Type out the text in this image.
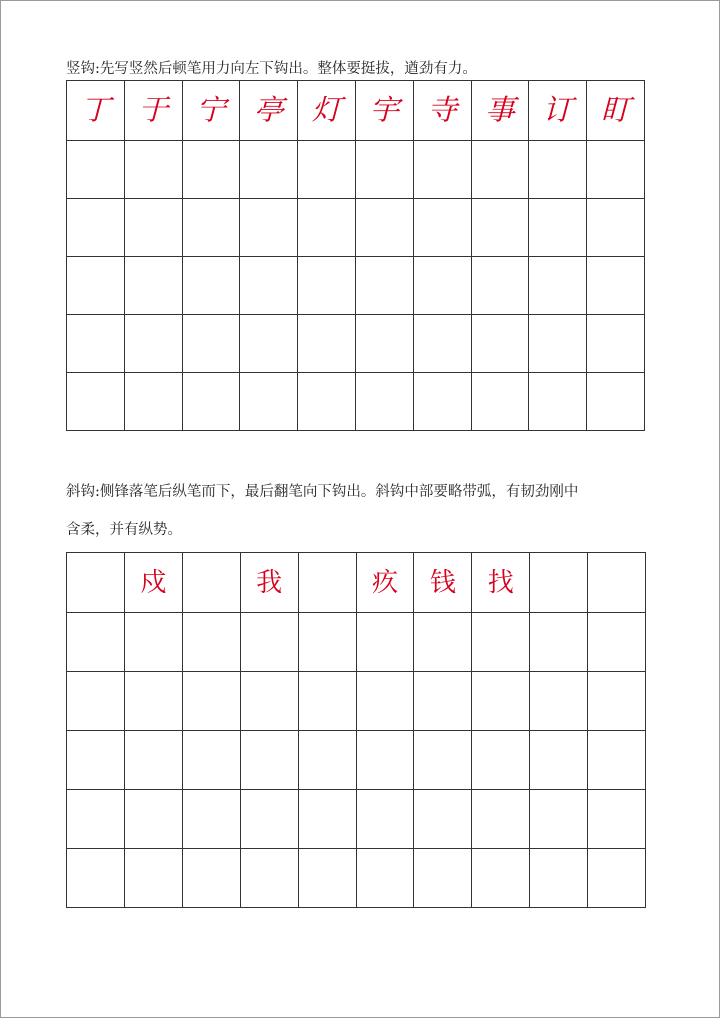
竖钩:先写竖然后顿笔用力向左下钩出。整体要挺拔，遒劲有力。
丁 于 宁 亭 灯 宇 寺 事 订 盯
斜钩:侧锋落笔后纵笔而下，最后翻笔向下钩出。斜钩中部要略带弧，有韧劲刚中
含柔，并有纵势。
戍	我	疚 钱 找
